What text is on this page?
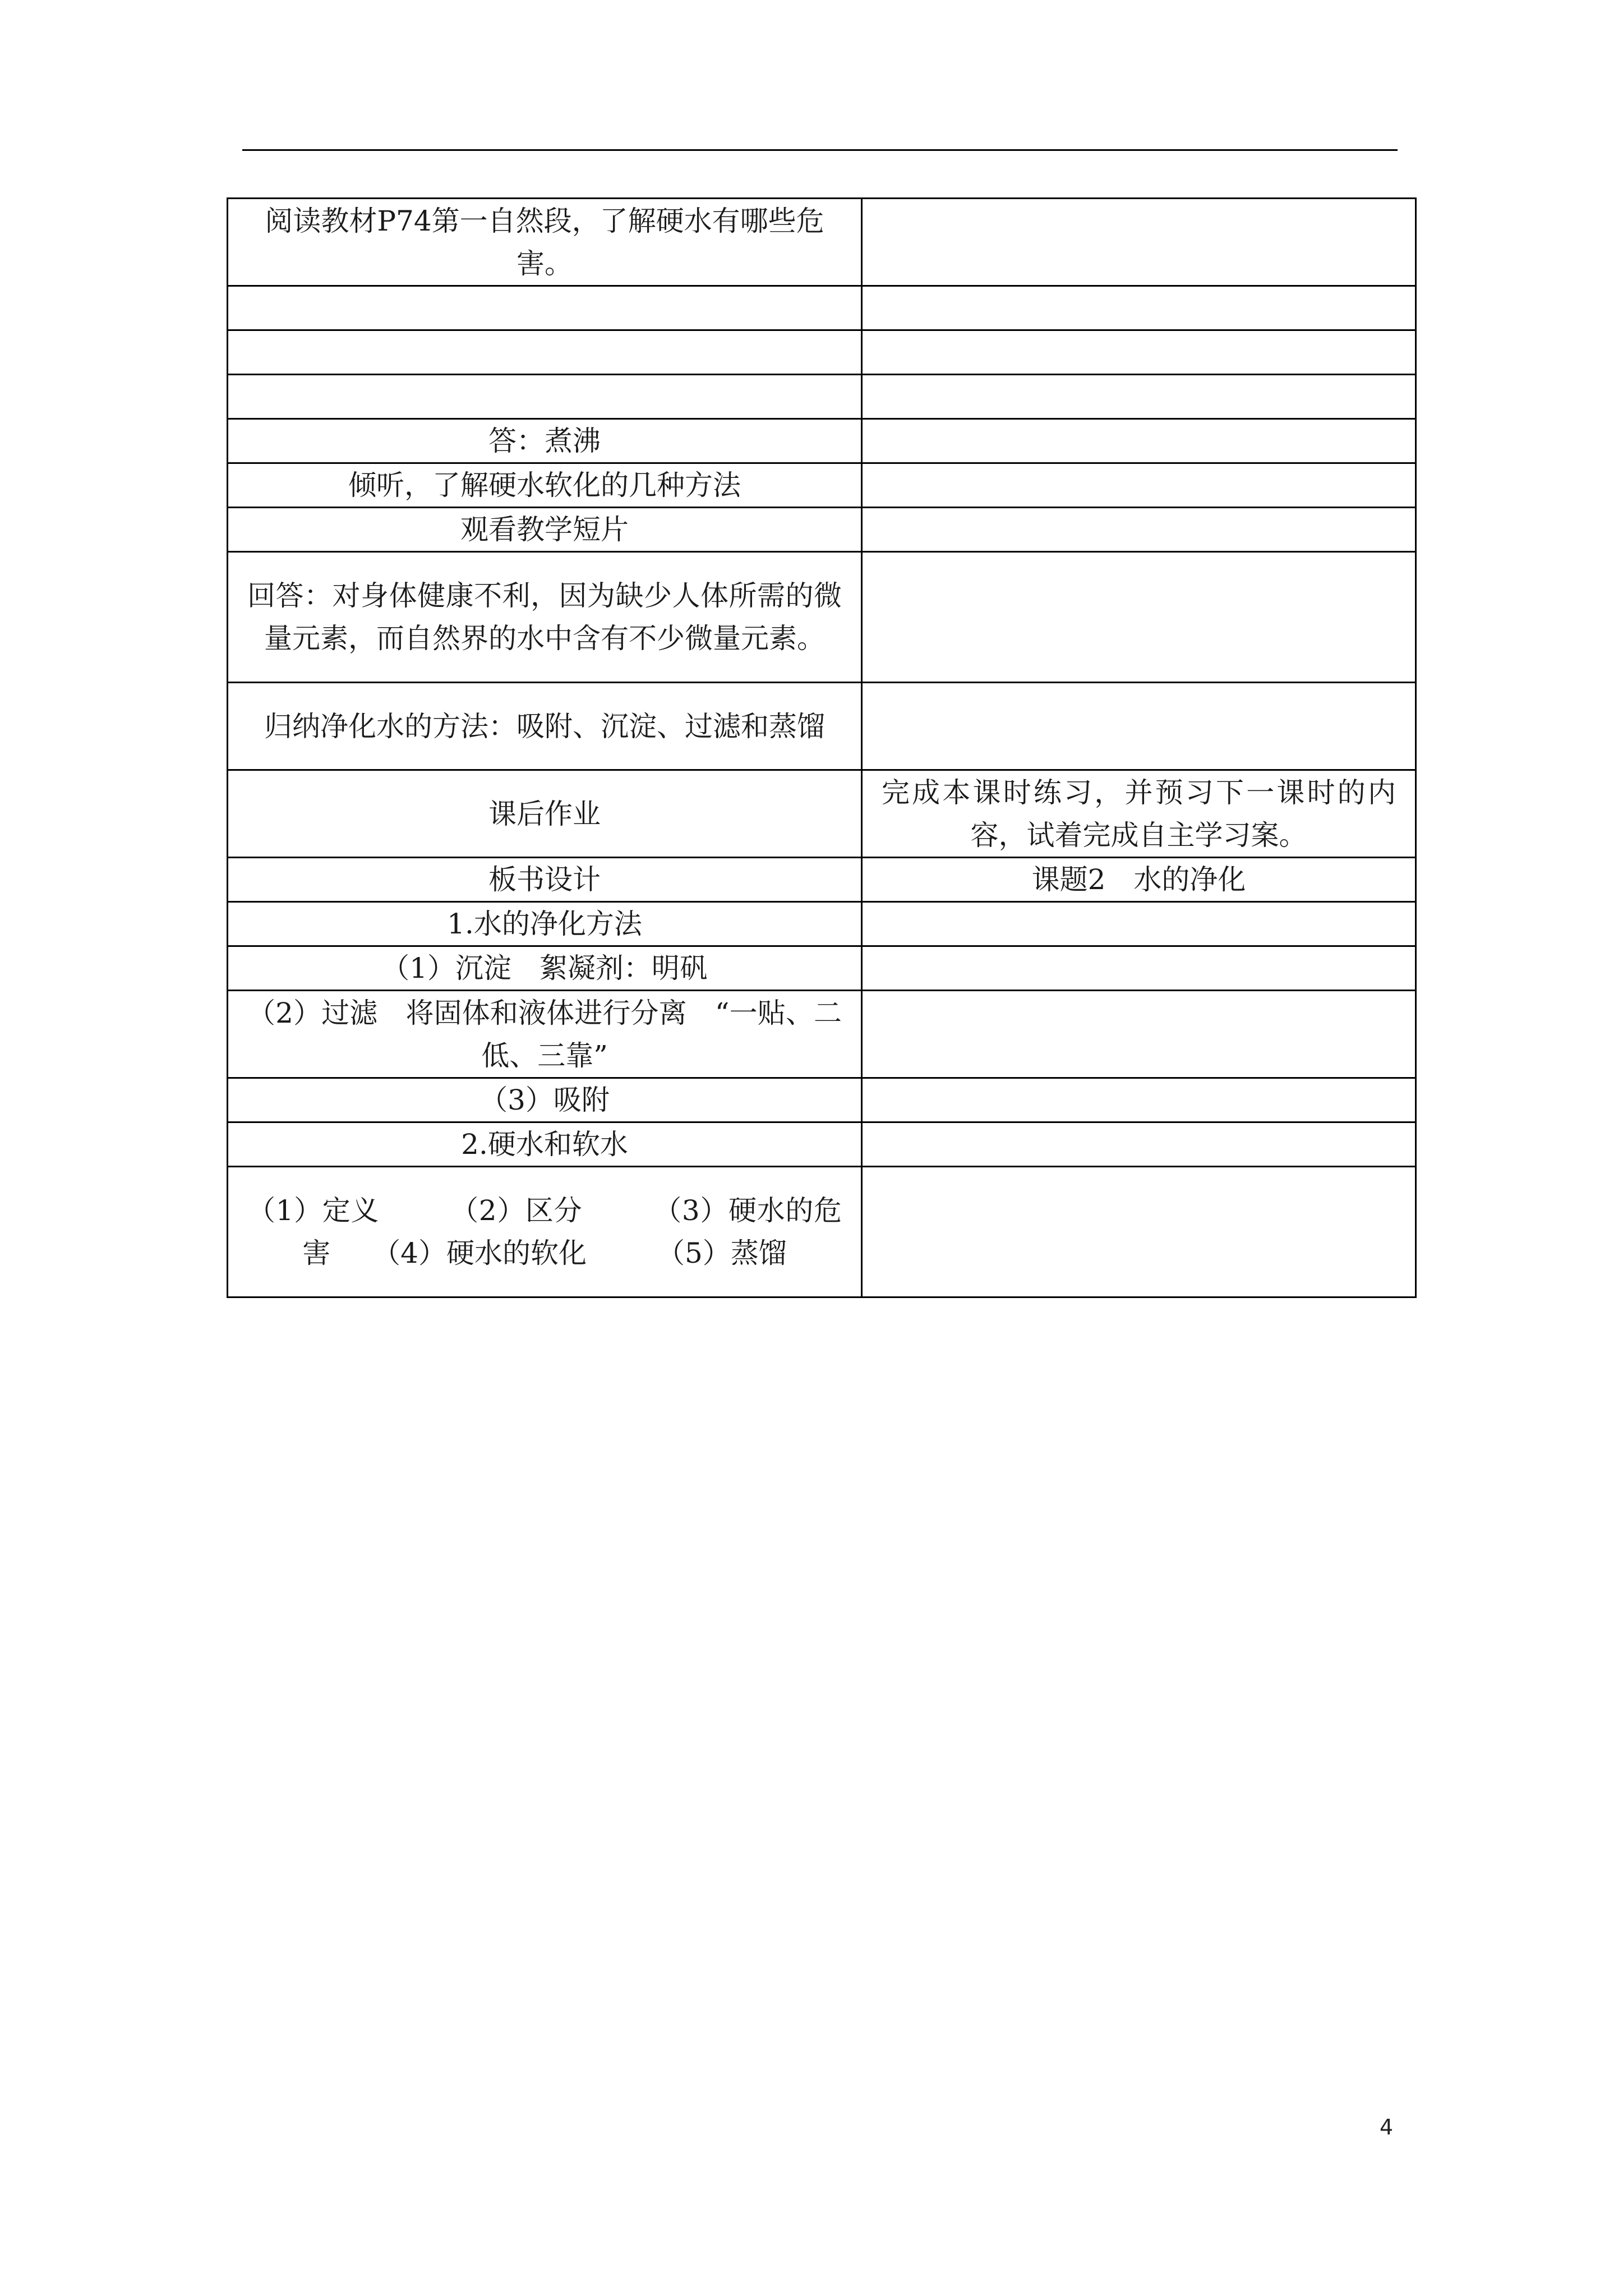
阅读教材P74第一自然段，了解硬水有哪些危害。	

答：煮沸	
倾听，了解硬水软化的几种方法	
观看教学短片	
回答：对身体健康不利，因为缺少人体所需的微量元素，而自然界的水中含有不少微量元素。	
归纳净化水的方法：吸附、沉淀、过滤和蒸馏	
课后作业	完成本课时练习，并预习下一课时的内容，试着完成自主学习案。
板书设计	课题2　水的净化
1.水的净化方法	
（1）沉淀　絮凝剂：明矾	
（2）过滤　将固体和液体进行分离　“一贴、二低、三靠”	
（3）吸附	
2.硬水和软水	
（1）定义　　　（2）区分　　　（3）硬水的危害　　（4）硬水的软化　　　（5）蒸馏	
4
